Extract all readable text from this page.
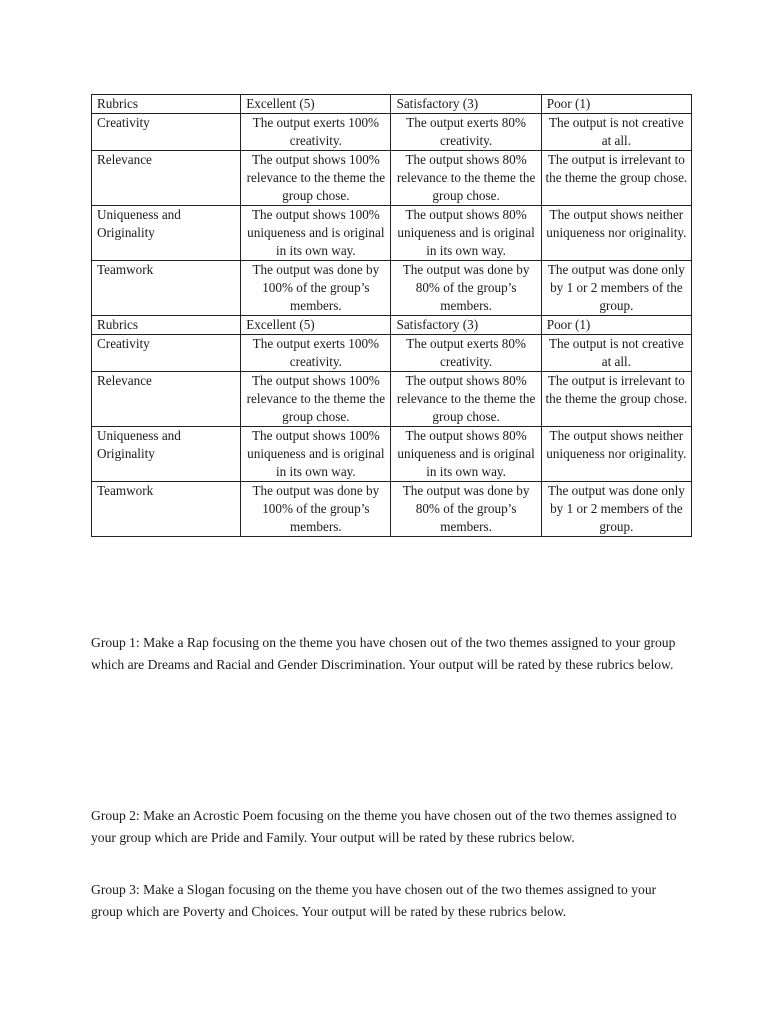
Rubrics	Excellent (5)	Satisfactory (3)	Poor (1)
Creativity	The output exerts 100% creativity.	The output exerts 80% creativity.	The output is not creative at all.
Relevance	The output shows 100% relevance to the theme the group chose.	The output shows 80% relevance to the theme the group chose.	The output is irrelevant to the theme the group chose.
Uniqueness and Originality	The output shows 100% uniqueness and is original in its own way.	The output shows 80% uniqueness and is original in its own way.	The output shows neither uniqueness nor originality.
Teamwork	The output was done by 100% of the group’s members.	The output was done by 80% of the group’s members.	The output was done only by 1 or 2 members of the group.
Rubrics	Excellent (5)	Satisfactory (3)	Poor (1)
Creativity	The output exerts 100% creativity.	The output exerts 80% creativity.	The output is not creative at all.
Relevance	The output shows 100% relevance to the theme the group chose.	The output shows 80% relevance to the theme the group chose.	The output is irrelevant to the theme the group chose.
Uniqueness and Originality	The output shows 100% uniqueness and is original in its own way.	The output shows 80% uniqueness and is original in its own way.	The output shows neither uniqueness nor originality.
Teamwork	The output was done by 100% of the group’s members.	The output was done by 80% of the group’s members.	The output was done only by 1 or 2 members of the group.

Group 1: Make a Rap focusing on the theme you have chosen out of the two themes assigned to your group which are Dreams and Racial and Gender Discrimination. Your output will be rated by these rubrics below.

Group 2: Make an Acrostic Poem focusing on the theme you have chosen out of the two themes assigned to your group which are Pride and Family. Your output will be rated by these rubrics below.

Group 3: Make a Slogan focusing on the theme you have chosen out of the two themes assigned to your group which are Poverty and Choices. Your output will be rated by these rubrics below.
